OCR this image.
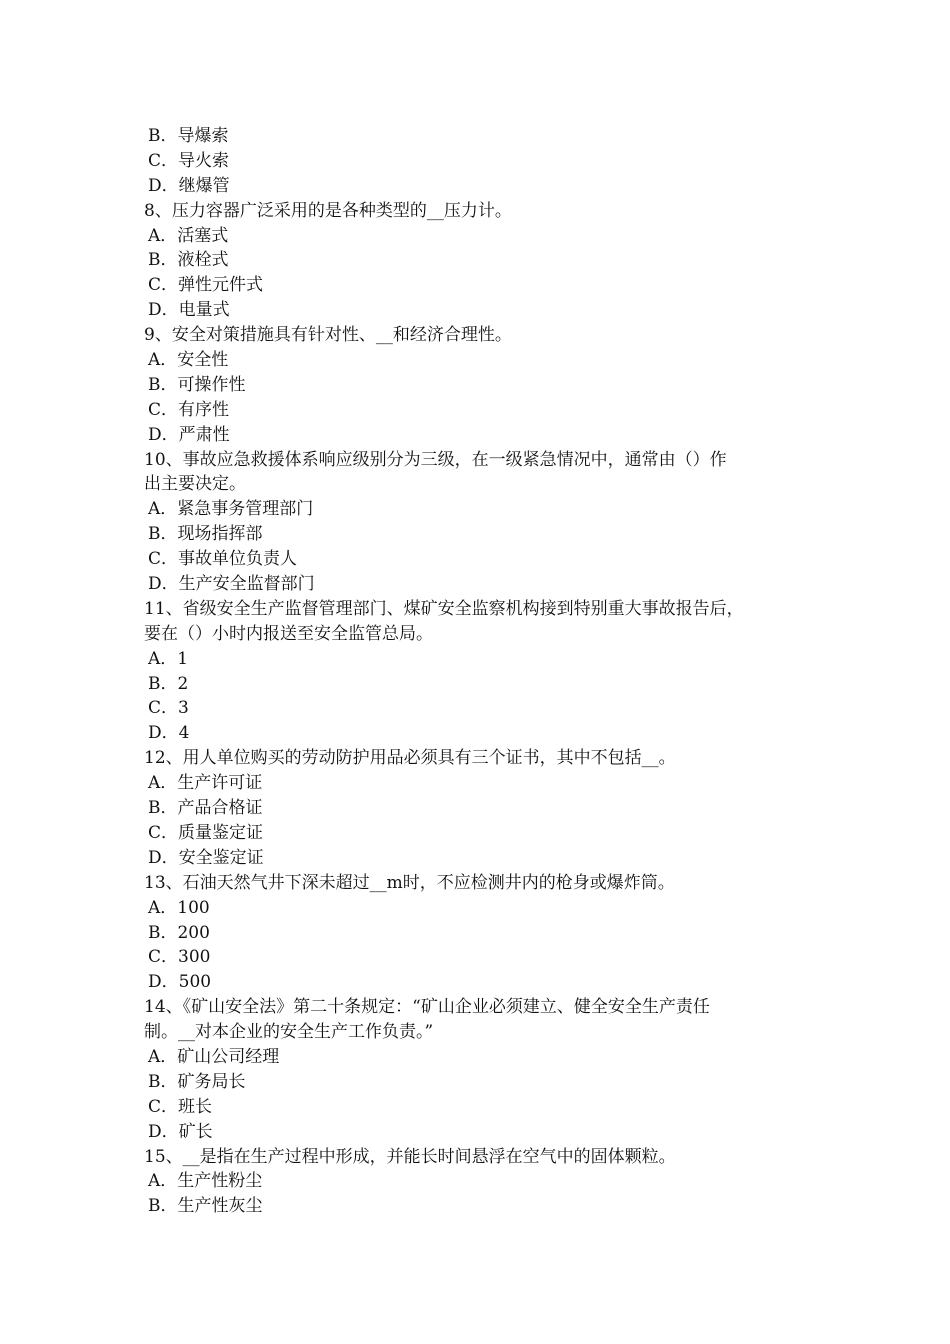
B．导爆索
C．导火索
D．继爆管
8、压力容器广泛采用的是各种类型的__压力计。
A．活塞式
B．液栓式
C．弹性元件式
D．电量式
9、安全对策措施具有针对性、__和经济合理性。
A．安全性
B．可操作性
C．有序性
D．严肃性
10、事故应急救援体系响应级别分为三级，在一级紧急情况中，通常由（）作
出主要决定。
A．紧急事务管理部门
B．现场指挥部
C．事故单位负责人
D．生产安全监督部门
11、省级安全生产监督管理部门、煤矿安全监察机构接到特别重大事故报告后，
要在（）小时内报送至安全监管总局。
A．1
B．2
C．3
D．4
12、用人单位购买的劳动防护用品必须具有三个证书，其中不包括__。
A．生产许可证
B．产品合格证
C．质量鉴定证
D．安全鉴定证
13、石油天然气井下深未超过__m时，不应检测井内的枪身或爆炸筒。
A．100
B．200
C．300
D．500
14、《矿山安全法》第二十条规定：“矿山企业必须建立、健全安全生产责任
制。__对本企业的安全生产工作负责。”
A．矿山公司经理
B．矿务局长
C．班长
D．矿长
15、__是指在生产过程中形成，并能长时间悬浮在空气中的固体颗粒。
A．生产性粉尘
B．生产性灰尘
